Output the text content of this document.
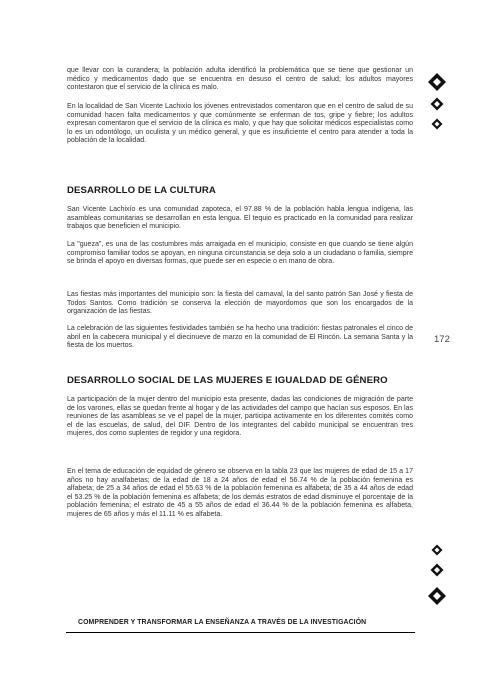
que llevar con la curandera; la población adulta identificó la problemática que se tiene que gestionar un médico y medicamentos dado que se encuentra en desuso el centro de salud; los adultos mayores contestaron que el servicio de la clínica es malo.

En la localidad de San Vicente Lachixío los jóvenes entrevistados comentaron que en el centro de salud de su comunidad hacen falta medicamentos y que comúnmente se enferman de tos, gripe y fiebre; los adultos expresan comentaron que el servicio de la clínica es malo, y que hay que solicitar médicos especialistas como lo es un odontólogo, un oculista y un médico general, y que es insuficiente el centro para atender a toda la población de la localidad.

DESARROLLO DE LA CULTURA

San Vicente Lachixío es una comunidad zapoteca, el 97.88 % de la población habla lengua indígena, las asambleas comunitarias se desarrollan en esta lengua. El tequio es practicado en la comunidad para realizar trabajos que beneficien el municipio.

La "gueza", es una de las costumbres más arraigada en el municipio, consiste en que cuando se tiene algún compromiso familiar todos se apoyan, en ninguna circunstancia se deja solo a un ciudadano o familia, siempre se brinda el apoyo en diversas formas, que puede ser en especie o en mano de obra.

Las fiestas más importantes del municipio son: la fiesta del carnaval, la del santo patrón San José y fiesta de Todos Santos. Como tradición se conserva la elección de mayordomos que son los encargados de la organización de las fiestas.

La celebración de las siguientes festividades también se ha hecho una tradición: fiestas patronales el cinco de abril en la cabecera municipal y el diecinueve de marzo en la comunidad de El Rincón. La semana Santa y la fiesta de los muertos.

DESARROLLO SOCIAL DE LAS MUJERES E IGUALDAD DE GÉNERO

La participación de la mujer dentro del municipio esta presente, dadas las condiciones de migración de parte de los varones, ellas se quedan frente al hogar y de las actividades del campo que hacían sus esposos. En las reuniones de las asambleas se ve el papel de la mujer, participa activamente en los diferentes comités como el de las escuelas, de salud, del DIF. Dentro de los integrantes del cabildo municipal se encuentran tres mujeres, dos como suplentes de regidor y una regidora.

En el tema de educación de equidad de género se observa en la tabla 23 que las mujeres de edad de 15 a 17 años no hay analfabetas; de la edad de 18 a 24 años de edad el 56.74 % de la población femenina es alfabeta; de 25 a 34 años de edad el 55.63 % de la población femenina es alfabeta; de 35 a 44 años de edad el 53.25 % de la población femenina es alfabeta; de los demás estratos de edad disminuye el porcentaje de la población femenina; el estrato de 45 a 55 años de edad el 36.44 % de la población femenina es alfabeta, mujeres de 65 años y más el 11.11 % es alfabeta.

172
COMPRENDER Y TRANSFORMAR LA ENSEÑANZA A TRAVÉS DE LA INVESTIGACIÓN
